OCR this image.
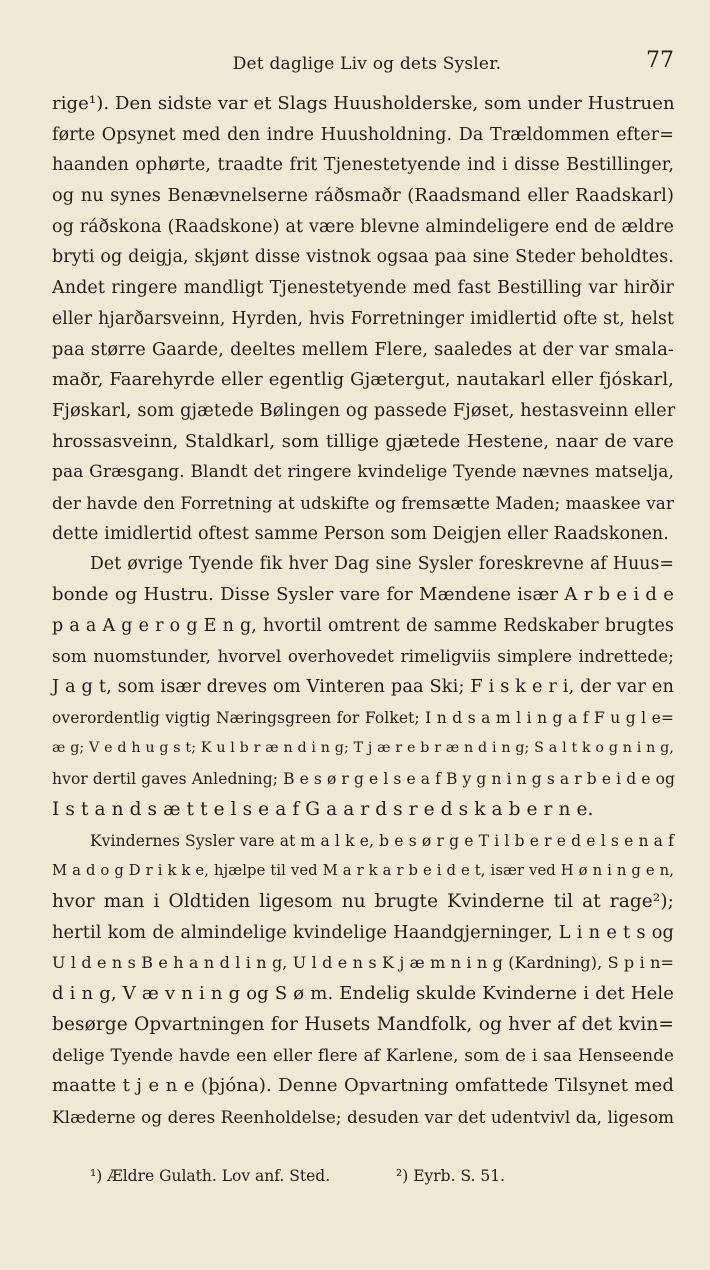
Det daglige Liv og dets Sysler.	77
rige¹). Den sidste var et Slags Huusholderske, som under Hustruen
førte Opsynet med den indre Huusholdning. Da Trældommen efter=
haanden ophørte, traadte frit Tjenestetyende ind i disse Bestillinger,
og nu synes Benævnelserne ráðsmaðr (Raadsmand eller Raadskarl)
og ráðskona (Raadskone) at være blevne almindeligere end de ældre
bryti og deigja, skjønt disse vistnok ogsaa paa sine Steder beholdtes.
Andet ringere mandligt Tjenestetyende med fast Bestilling var hirðir
eller hjarðarsveinn, Hyrden, hvis Forretninger imidlertid ofte st, helst
paa større Gaarde, deeltes mellem Flere, saaledes at der var smala-
maðr, Faarehyrde eller egentlig Gjætergut, nautakarl eller fjóskarl,
Fjøskarl, som gjætede Bølingen og passede Fjøset, hestasveinn eller
hrossasveinn, Staldkarl, som tillige gjætede Hestene, naar de vare
paa Græsgang. Blandt det ringere kvindelige Tyende nævnes matselja,
der havde den Forretning at udskifte og fremsætte Maden; maaskee var
dette imidlertid oftest samme Person som Deigjen eller Raadskonen.
Det øvrige Tyende fik hver Dag sine Sysler foreskrevne af Huus=
bonde og Hustru. Disse Sysler vare for Mændene især A r b e i d e
p a a A g e r o g E n g, hvortil omtrent de samme Redskaber brugtes
som nuomstunder, hvorvel overhovedet rimeligviis simplere indrettede;
J a g t, som især dreves om Vinteren paa Ski; F i s k e r i, der var en
overordentlig vigtig Næringsgreen for Folket; I n d s a m l i n g a f F u g l e=
æ g; V e d h u g s t; K u l b r æ n d i n g; T j æ r e b r æ n d i n g; S a l t k o g n i n g,
hvor dertil gaves Anledning; B e s ø r g e l s e a f B y g n i n g s a r b e i d e og
I s t a n d s æ t t e l s e a f G a a r d s r e d s k a b e r n e.
Kvindernes Sysler vare at m a l k e, b e s ø r g e T i l b e r e d e l s e n a f
M a d o g D r i k k e, hjælpe til ved M a r k a r b e i d e t, især ved H ø n i n g e n,
hvor man i Oldtiden ligesom nu brugte Kvinderne til at rage²);
hertil kom de almindelige kvindelige Haandgjerninger, L i n e t s og
U l d e n s B e h a n d l i n g, U l d e n s K j æ m n i n g (Kardning), S p i n=
d i n g, V æ v n i n g og S ø m. Endelig skulde Kvinderne i det Hele
besørge Opvartningen for Husets Mandfolk, og hver af det kvin=
delige Tyende havde een eller flere af Karlene, som de i saa Henseende
maatte t j e n e (þjóna). Denne Opvartning omfattede Tilsynet med
Klæderne og deres Reenholdelse; desuden var det udentvivl da, ligesom
¹) Ældre Gulath. Lov anf. Sted.	²) Eyrb. S. 51.
